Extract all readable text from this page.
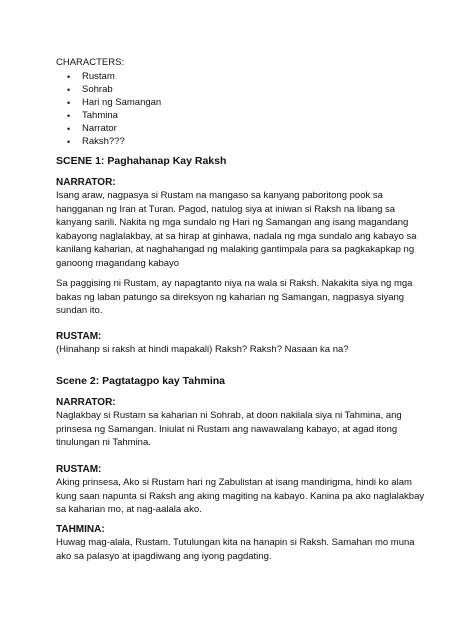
CHARACTERS:
• Rustam
• Sohrab
• Hari ng Samangan
• Tahmina
• Narrator
• Raksh???
SCENE 1: Paghahanap Kay Raksh
NARRATOR:
Isang araw, nagpasya si Rustam na mangaso sa kanyang paboritong pook sa
hangganan ng Iran at Turan. Pagod, natulog siya at iniwan si Raksh na libang sa
kanyang sarili. Nakita ng mga sundalo ng Hari ng Samangan ang isang magandang
kabayong naglalakbay, at sa hirap at ginhawa, nadala ng mga sundalo ang kabayo sa
kanilang kaharian, at naghahangad ng malaking gantimpala para sa pagkakapkap ng
ganoong magandang kabayo
Sa paggising ni Rustam, ay napagtanto niya na wala si Raksh. Nakakita siya ng mga
bakas ng laban patungo sa direksyon ng kaharian ng Samangan, nagpasya siyang
sundan ito.
RUSTAM:
(Hinahanp si raksh at hindi mapakali) Raksh? Raksh? Nasaan ka na?
Scene 2: Pagtatagpo kay Tahmina
NARRATOR:
Naglakbay si Rustam sa kaharian ni Sohrab, at doon nakilala siya ni Tahmina, ang
prinsesa ng Samangan. Iniulat ni Rustam ang nawawalang kabayo, at agad itong
tinulungan ni Tahmina.
RUSTAM:
Aking prinsesa, Ako si Rustam hari ng Zabulistan at isang mandirigma, hindi ko alam
kung saan napunta si Raksh ang aking magiting na kabayo. Kanina pa ako naglalakbay
sa kaharian mo, at nag-aalala ako.
TAHMINA:
Huwag mag-alala, Rustam. Tutulungan kita na hanapin si Raksh. Samahan mo muna
ako sa palasyo at ipagdiwang ang iyong pagdating.
